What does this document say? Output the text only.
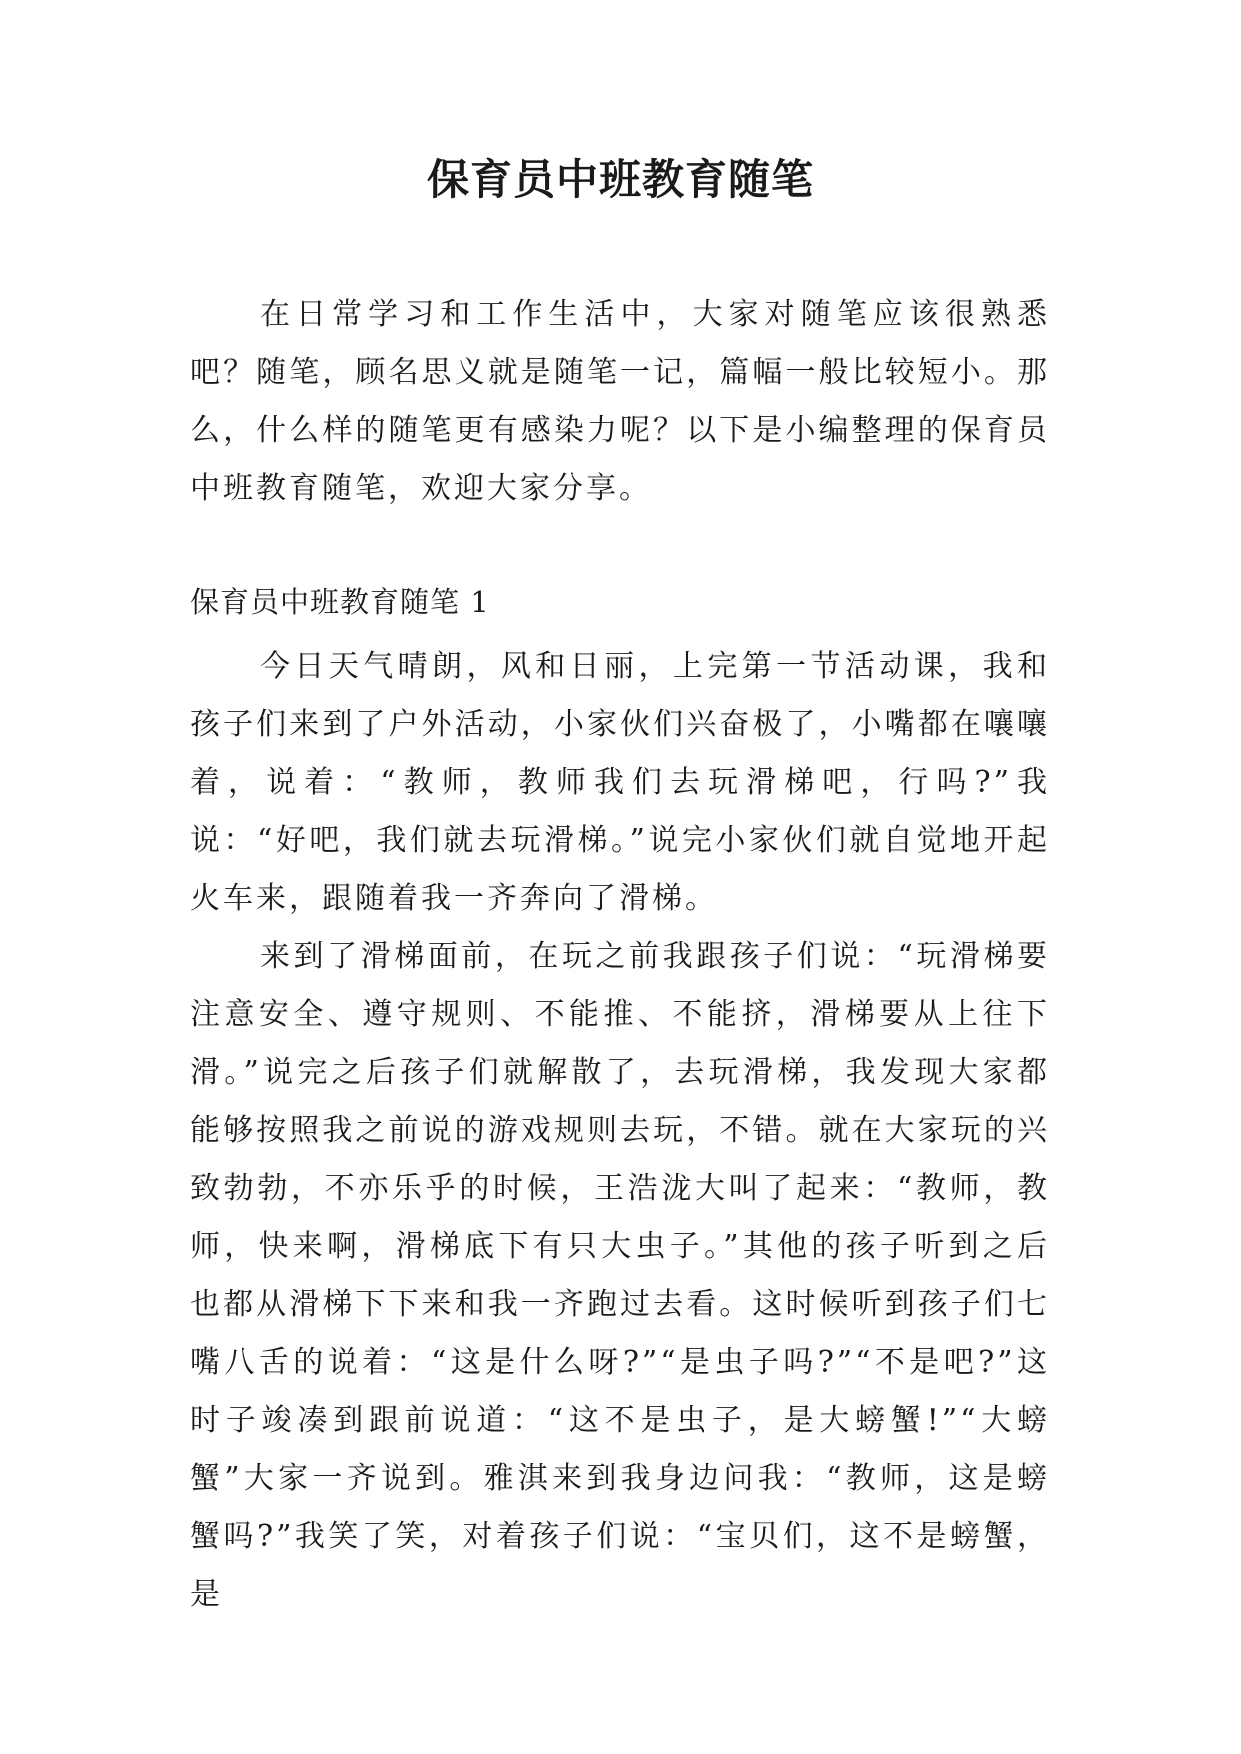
保育员中班教育随笔
在日常学习和工作生活中，大家对随笔应该很熟悉吧？随笔，顾名思义就是随笔一记，篇幅一般比较短小。那么，什么样的随笔更有感染力呢？以下是小编整理的保育员中班教育随笔，欢迎大家分享。
保育员中班教育随笔 1

今日天气晴朗，风和日丽，上完第一节活动课，我和孩子们来到了户外活动，小家伙们兴奋极了，小嘴都在嚷嚷着，说着：“教师，教师我们去玩滑梯吧，行吗?”我说：“好吧，我们就去玩滑梯。”说完小家伙们就自觉地开起火车来，跟随着我一齐奔向了滑梯。

来到了滑梯面前，在玩之前我跟孩子们说：“玩滑梯要注意安全、遵守规则、不能推、不能挤，滑梯要从上往下滑。”说完之后孩子们就解散了，去玩滑梯，我发现大家都能够按照我之前说的游戏规则去玩，不错。就在大家玩的兴致勃勃，不亦乐乎的时候，王浩泷大叫了起来：“教师，教师，快来啊，滑梯底下有只大虫子。”其他的孩子听到之后也都从滑梯下下来和我一齐跑过去看。这时候听到孩子们七嘴八舌的说着：“这是什么呀?”“是虫子吗?”“不是吧?”这时子竣凑到跟前说道：“这不是虫子，是大螃蟹!”“大螃蟹”大家一齐说到。雅淇来到我身边问我：“教师，这是螃蟹吗?”我笑了笑，对着孩子们说：“宝贝们，这不是螃蟹，是
